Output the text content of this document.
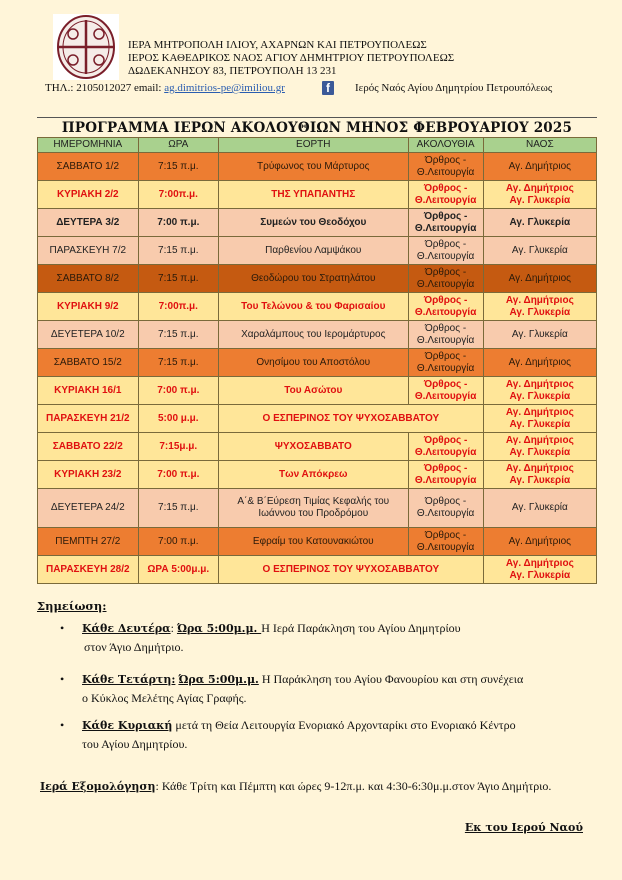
ΙΕΡΑ ΜΗΤΡΟΠΟΛΗ ΙΛΙΟΥ, ΑΧΑΡΝΩΝ ΚΑΙ ΠΕΤΡΟΥΠΟΛΕΩΣ
ΙΕΡΟΣ ΚΑΘΕΔΡΙΚΟΣ ΝΑΟΣ ΑΓΙΟΥ ΔΗΜΗΤΡΙΟΥ ΠΕΤΡΟΥΠΟΛΕΩΣ
ΔΩΔΕΚΑΝΗΣΟΥ 83, ΠΕΤΡΟΥΠΟΛΗ 13 231
ΤΗΛ.: 2105012027 email: ag.dimitrios-pe@imiliou.gr	f	Ιερός Ναός Αγίου Δημητρίου Πετρουπόλεως
ΠΡΟΓΡΑΜΜΑ ΙΕΡΩΝ ΑΚΟΛΟΥΘΙΩΝ ΜΗΝΟΣ ΦΕΒΡΟΥΑΡΙΟΥ 2025
ΗΜΕΡΟΜΗΝΙΑ	ΩΡΑ	ΕΟΡΤΗ	ΑΚΟΛΟΥΘΙΑ	ΝΑΟΣ
ΣΑΒΒΑΤΟ 1/2	7:15 π.μ.	Τρύφωνος του Μάρτυρος	Όρθρος -
Θ.Λειτουργία	Αγ. Δημήτριος
ΚΥΡΙΑΚΗ 2/2	7:00π.μ.	ΤΗΣ ΥΠΑΠΑΝΤΗΣ	Όρθρος -
Θ.Λειτουργία	Αγ. Δημήτριος
Αγ. Γλυκερία
ΔΕΥΤΕΡΑ 3/2	7:00 π.μ.	Συμεών του Θεοδόχου	Όρθρος -
Θ.Λειτουργία	Αγ. Γλυκερία
ΠΑΡΑΣΚΕΥΗ 7/2	7:15 π.μ.	Παρθενίου Λαμψάκου	Όρθρος -
Θ.Λειτουργία	Αγ. Γλυκερία
ΣΑΒΒΑΤΟ 8/2	7:15 π.μ.	Θεοδώρου του Στρατηλάτου	Όρθρος -
Θ.Λειτουργία	Αγ. Δημήτριος
ΚΥΡΙΑΚΗ 9/2	7:00π.μ.	Του Τελώνου & του Φαρισαίου	Όρθρος -
Θ.Λειτουργία	Αγ. Δημήτριος
Αγ. Γλυκερία
ΔΕΥΕΤΕΡΑ 10/2	7:15 π.μ.	Χαραλάμπους του Ιερομάρτυρος	Όρθρος -
Θ.Λειτουργία	Αγ. Γλυκερία
ΣΑΒΒΑΤΟ 15/2	7:15 π.μ.	Ονησίμου του Αποστόλου	Όρθρος -
Θ.Λειτουργία	Αγ. Δημήτριος
ΚΥΡΙΑΚΗ 16/1	7:00 π.μ.	Του Ασώτου	Όρθρος -
Θ.Λειτουργία	Αγ. Δημήτριος
Αγ. Γλυκερία
ΠΑΡΑΣΚΕΥΗ 21/2	5:00 μ.μ.	Ο ΕΣΠΕΡΙΝΟΣ ΤΟΥ ΨΥΧΟΣΑΒΒΑΤΟΥ		Αγ. Δημήτριος
Αγ. Γλυκερία
ΣΑΒΒΑΤΟ 22/2	7:15μ.μ.	ΨΥΧΟΣΑΒΒΑΤΟ	Όρθρος -
Θ.Λειτουργία	Αγ. Δημήτριος
Αγ. Γλυκερία
ΚΥΡΙΑΚΗ 23/2	7:00 π.μ.	Των Απόκρεω	Όρθρος -
Θ.Λειτουργία	Αγ. Δημήτριος
Αγ. Γλυκερία
ΔΕΥΕΤΕΡΑ 24/2	7:15 π.μ.	Α΄& Β΄Εύρεση Τιμίας Κεφαλής του Ιωάννου του Προδρόμου	Όρθρος -
Θ.Λειτουργία	Αγ. Γλυκερία
ΠΕΜΠΤΗ 27/2	7:00 π.μ.	Εφραίμ του Κατουνακιώτου	Όρθρος -
Θ.Λειτουργία	Αγ. Δημήτριος
ΠΑΡΑΣΚΕΥΗ 28/2	ΩΡΑ 5:00μ.μ.	Ο ΕΣΠΕΡΙΝΟΣ ΤΟΥ ΨΥΧΟΣΑΒΒΑΤΟΥ		Αγ. Δημήτριος
Αγ. Γλυκερία
Σημείωση:
• Κάθε Δευτέρα: Ώρα 5:00μ.μ. Η Ιερά Παράκληση του Αγίου Δημητρίου
στον Άγιο Δημήτριο.
• Κάθε Τετάρτη: Ώρα 5:00μ.μ. Η Παράκληση του Αγίου Φανουρίου και στη συνέχεια
ο Κύκλος Μελέτης Αγίας Γραφής.
• Κάθε Κυριακή μετά τη Θεία Λειτουργία Ενοριακό Αρχονταρίκι στο Ενοριακό Κέντρο
του Αγίου Δημητρίου.
Ιερά Εξομολόγηση: Κάθε Τρίτη και Πέμπτη και ώρες 9-12π.μ. και 4:30-6:30μ.μ.στον Άγιο Δημήτριο.
Εκ του Ιερού Ναού
